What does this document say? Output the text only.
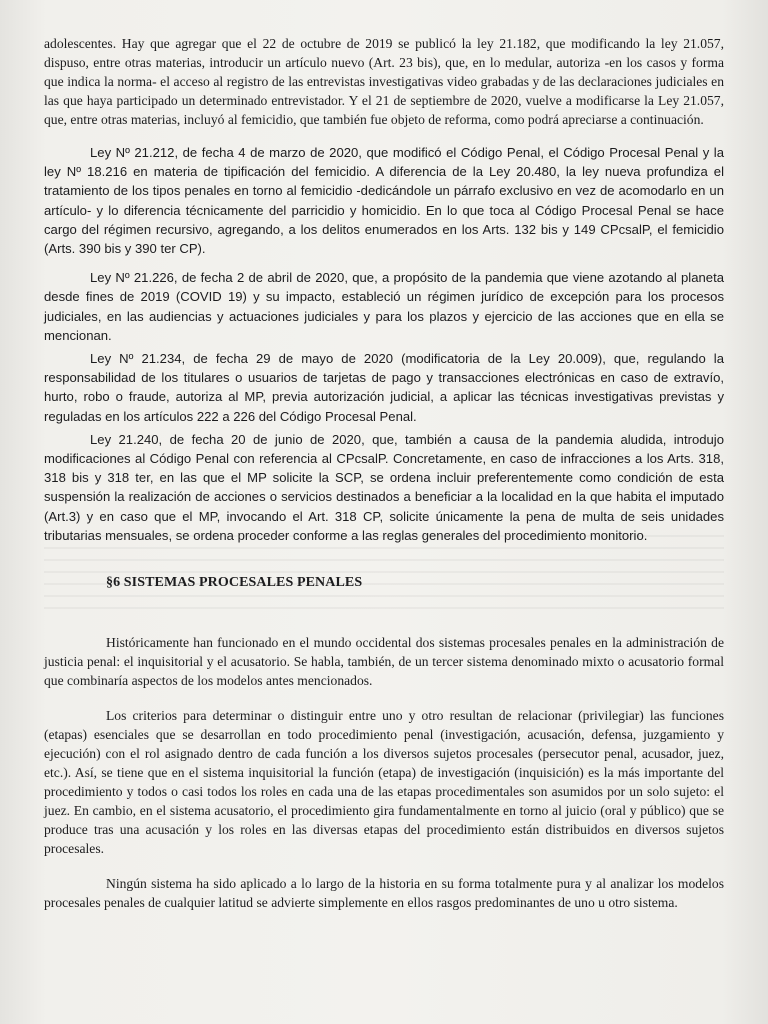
adolescentes. Hay que agregar que el 22 de octubre de 2019 se publicó la ley 21.182, que modificando la ley 21.057, dispuso, entre otras materias, introducir un artículo nuevo (Art. 23 bis), que, en lo medular, autoriza -en los casos y forma que indica la norma- el acceso al registro de las entrevistas investigativas video grabadas y de las declaraciones judiciales en las que haya participado un determinado entrevistador. Y el 21 de septiembre de 2020, vuelve a modificarse la Ley 21.057, que, entre otras materias, incluyó al femicidio, que también fue objeto de reforma, como podrá apreciarse a continuación.

Ley Nº 21.212, de fecha 4 de marzo de 2020, que modificó el Código Penal, el Código Procesal Penal y la ley Nº 18.216 en materia de tipificación del femicidio. A diferencia de la Ley 20.480, la ley nueva profundiza el tratamiento de los tipos penales en torno al femicidio -dedicándole un párrafo exclusivo en vez de acomodarlo en un artículo- y lo diferencia técnicamente del parricidio y homicidio. En lo que toca al Código Procesal Penal se hace cargo del régimen recursivo, agregando, a los delitos enumerados en los Arts. 132 bis y 149 CPcsalP, el femicidio (Arts. 390 bis y 390 ter CP).

Ley Nº 21.226, de fecha 2 de abril de 2020, que, a propósito de la pandemia que viene azotando al planeta desde fines de 2019 (COVID 19) y su impacto, estableció un régimen jurídico de excepción para los procesos judiciales, en las audiencias y actuaciones judiciales y para los plazos y ejercicio de las acciones que en ella se mencionan.

Ley Nº 21.234, de fecha 29 de mayo de 2020 (modificatoria de la Ley 20.009), que, regulando la responsabilidad de los titulares o usuarios de tarjetas de pago y transacciones electrónicas en caso de extravío, hurto, robo o fraude, autoriza al MP, previa autorización judicial, a aplicar las técnicas investigativas previstas y reguladas en los artículos 222 a 226 del Código Procesal Penal.

Ley 21.240, de fecha 20 de junio de 2020, que, también a causa de la pandemia aludida, introdujo modificaciones al Código Penal con referencia al CPcsalP. Concretamente, en caso de infracciones a los Arts. 318, 318 bis y 318 ter, en las que el MP solicite la SCP, se ordena incluir preferentemente como condición de esta suspensión la realización de acciones o servicios destinados a beneficiar a la localidad en la que habita el imputado (Art.3) y en caso que el MP, invocando el Art. 318 CP, solicite únicamente la pena de multa de seis unidades tributarias mensuales, se ordena proceder conforme a las reglas generales del procedimiento monitorio.

§6 SISTEMAS PROCESALES PENALES

Históricamente han funcionado en el mundo occidental dos sistemas procesales penales en la administración de justicia penal: el inquisitorial y el acusatorio. Se habla, también, de un tercer sistema denominado mixto o acusatorio formal que combinaría aspectos de los modelos antes mencionados.

Los criterios para determinar o distinguir entre uno y otro resultan de relacionar (privilegiar) las funciones (etapas) esenciales que se desarrollan en todo procedimiento penal (investigación, acusación, defensa, juzgamiento y ejecución) con el rol asignado dentro de cada función a los diversos sujetos procesales (persecutor penal, acusador, juez, etc.). Así, se tiene que en el sistema inquisitorial la función (etapa) de investigación (inquisición) es la más importante del procedimiento y todos o casi todos los roles en cada una de las etapas procedimentales son asumidos por un solo sujeto: el juez. En cambio, en el sistema acusatorio, el procedimiento gira fundamentalmente en torno al juicio (oral y público) que se produce tras una acusación y los roles en las diversas etapas del procedimiento están distribuidos en diversos sujetos procesales.

Ningún sistema ha sido aplicado a lo largo de la historia en su forma totalmente pura y al analizar los modelos procesales penales de cualquier latitud se advierte simplemente en ellos rasgos predominantes de uno u otro sistema.
